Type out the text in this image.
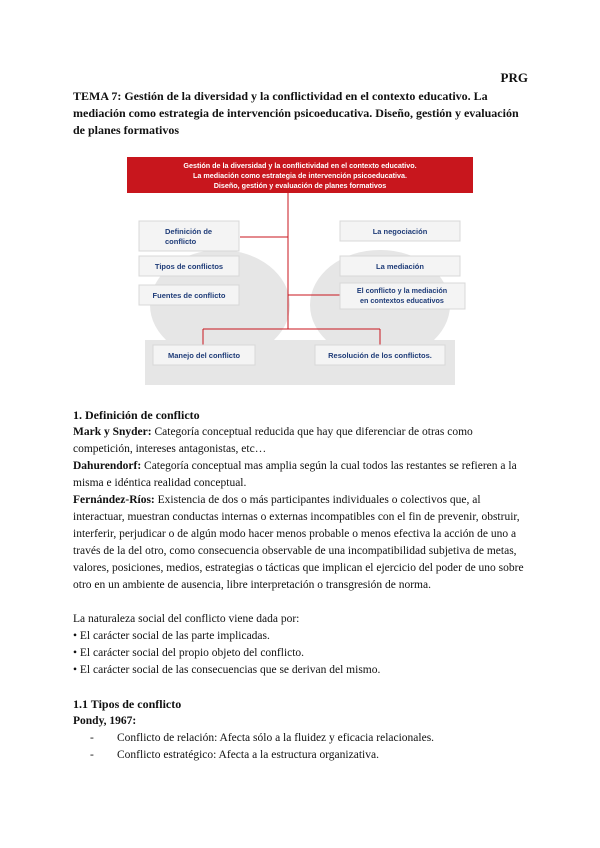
PRG
TEMA 7: Gestión de la diversidad y la conflictividad en el contexto educativo. La mediación como estrategia de intervención psicoeducativa. Diseño, gestión y evaluación de planes formativos
Gestión de la diversidad y la conflictividad en el contexto educativo.
La mediación como estrategia de intervención psicoeducativa.
Diseño, gestión y evaluación de planes formativos
Definición de
conflicto
Tipos de conflictos
Fuentes de conflicto
La negociación
La mediación
El conflicto y la mediación
en contextos educativos
Manejo del conflicto	Resolución de los conflictos.
1. Definición de conflicto

Mark y Snyder: Categoría conceptual reducida que hay que diferenciar de otras como competición, intereses antagonistas, etc…

Dahurendorf: Categoría conceptual mas amplia según la cual todos las restantes se refieren a la misma e idéntica realidad conceptual.

Fernández-Ríos: Existencia de dos o más participantes individuales o colectivos que, al interactuar, muestran conductas internas o externas incompatibles con el fin de prevenir, obstruir, interferir, perjudicar o de algún modo hacer menos probable o menos efectiva la acción de uno a través de la del otro, como consecuencia observable de una incompatibilidad subjetiva de metas, valores, posiciones, medios, estrategias o tácticas que implican el ejercicio del poder de uno sobre otro en un ambiente de ausencia, libre interpretación o transgresión de norma.

La naturaleza social del conflicto viene dada por:

• El carácter social de las parte implicadas.

• El carácter social del propio objeto del conflicto.

• El carácter social de las consecuencias que se derivan del mismo.

1.1 Tipos de conflicto

Pondy, 1967:

- Conflicto de relación: Afecta sólo a la fluidez y eficacia relacionales.
- Conflicto estratégico: Afecta a la estructura organizativa.
